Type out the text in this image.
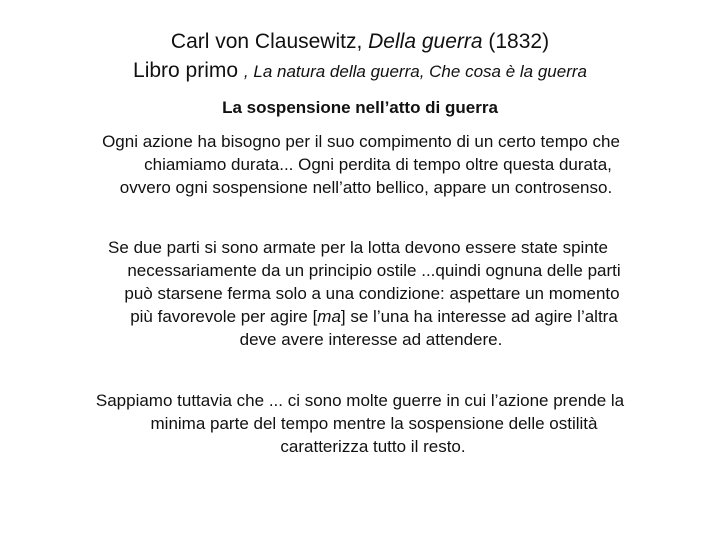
Carl von Clausewitz, Della guerra (1832)
Libro primo , La natura della guerra, Che cosa è la guerra
La sospensione nell’atto di guerra
Ogni azione ha bisogno per il suo compimento di un certo tempo che
chiamiamo durata... Ogni perdita di tempo oltre questa durata,
ovvero ogni sospensione nell’atto bellico, appare un controsenso.
Se due parti si sono armate per la lotta devono essere state spinte
necessariamente da un principio ostile ...quindi ognuna delle parti
può starsene ferma solo a una condizione: aspettare un momento
più favorevole per agire [ma] se l’una ha interesse ad agire l’altra
deve avere interesse ad attendere.
Sappiamo tuttavia che ... ci sono molte guerre in cui l’azione prende la
minima parte del tempo mentre la sospensione delle ostilità
caratterizza tutto il resto.
